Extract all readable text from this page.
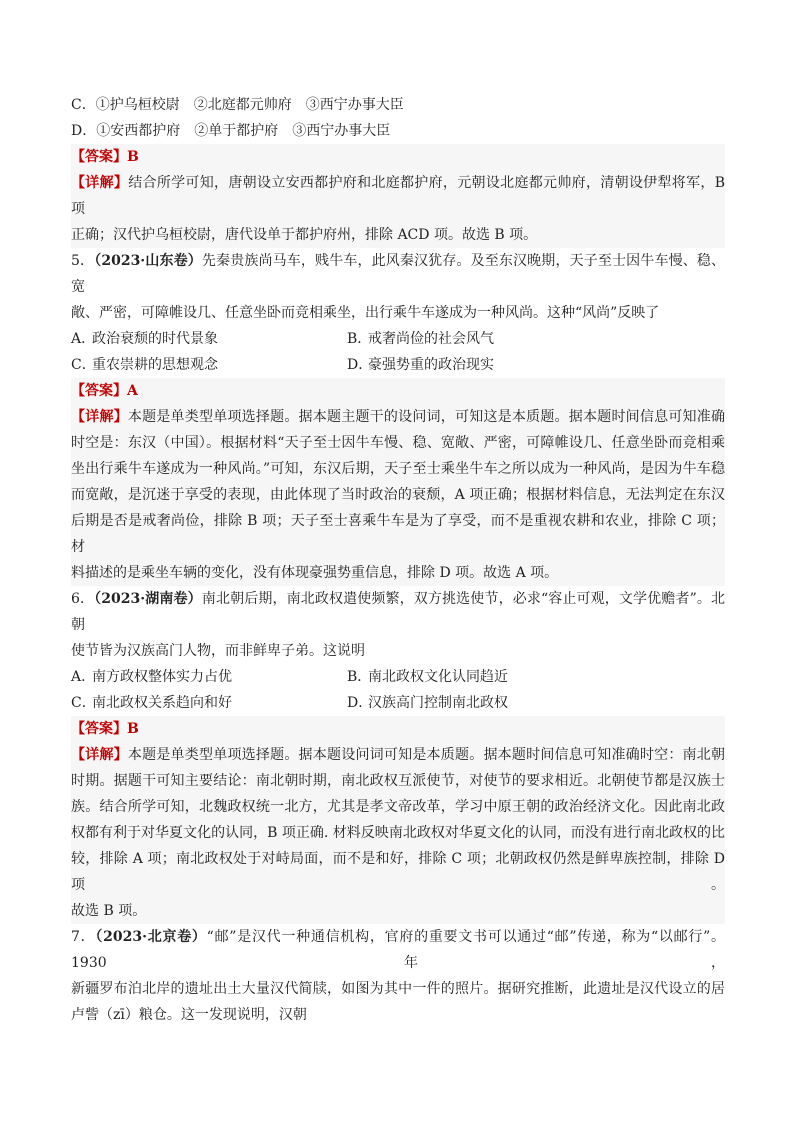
C．①护乌桓校尉 ②北庭都元帅府 ③西宁办事大臣
D．①安西都护府 ②单于都护府 ③西宁办事大臣
【答案】B
【详解】结合所学可知，唐朝设立安西都护府和北庭都护府，元朝设北庭都元帅府，清朝设伊犁将军，B 项
正确；汉代护乌桓校尉，唐代设单于都护府州，排除 ACD 项。故选 B 项。
5．（2023·山东卷）先秦贵族尚马车，贱牛车，此风秦汉犹存。及至东汉晚期，天子至士因牛车慢、稳、宽
敞、严密，可障帷设几、任意坐卧而竞相乘坐，出行乘牛车遂成为一种风尚。这种“风尚”反映了
A．政治衰颓的时代景象	B．戒奢尚俭的社会风气
C．重农崇耕的思想观念	D．豪强势重的政治现实
【答案】A
【详解】本题是单类型单项选择题。据本题主题干的设问词，可知这是本质题。据本题时间信息可知准确
时空是：东汉（中国）。根据材料“天子至士因牛车慢、稳、宽敞、严密，可障帷设几、任意坐卧而竞相乘
坐出行乘牛车遂成为一种风尚。”可知，东汉后期，天子至士乘坐牛车之所以成为一种风尚，是因为牛车稳
而宽敞，是沉迷于享受的表现，由此体现了当时政治的衰颓，A 项正确；根据材料信息，无法判定在东汉
后期是否是戒奢尚俭，排除 B 项；天子至士喜乘牛车是为了享受，而不是重视农耕和农业，排除 C 项；材
料描述的是乘坐车辆的变化，没有体现豪强势重信息，排除 D 项。故选 A 项。
6．（2023·湖南卷）南北朝后期，南北政权遣使频繁，双方挑选使节，必求“容止可观，文学优赡者”。北朝
使节皆为汉族高门人物，而非鲜卑子弟。这说明
A．南方政权整体实力占优	B．南北政权文化认同趋近
C．南北政权关系趋向和好	D．汉族高门控制南北政权
【答案】B
【详解】本题是单类型单项选择题。据本题设问词可知是本质题。据本题时间信息可知准确时空：南北朝
时期。据题干可知主要结论：南北朝时期，南北政权互派使节，对使节的要求相近。北朝使节都是汉族士
族。结合所学可知，北魏政权统一北方，尤其是孝文帝改革，学习中原王朝的政治经济文化。因此南北政
权都有利于对华夏文化的认同，B 项正确. 材料反映南北政权对华夏文化的认同，而没有进行南北政权的比
较，排除 A 项；南北政权处于对峙局面，而不是和好，排除 C 项；北朝政权仍然是鲜卑族控制，排除 D 项。
故选 B 项。
7．（2023·北京卷）“邮”是汉代一种通信机构，官府的重要文书可以通过“邮”传递，称为“以邮行”。1930 年，
新疆罗布泊北岸的遗址出土大量汉代简牍，如图为其中一件的照片。据研究推断，此遗址是汉代设立的居
卢訾（zī）粮仓。这一发现说明，汉朝
